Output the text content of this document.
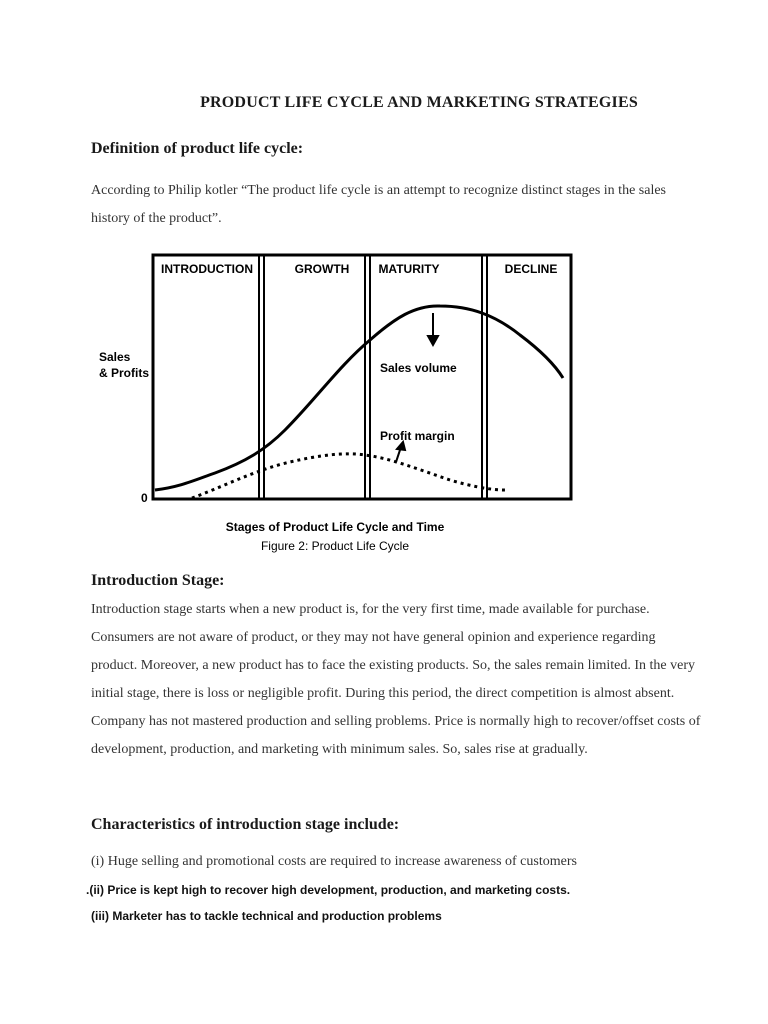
PRODUCT LIFE CYCLE AND MARKETING STRATEGIES
Definition of product life cycle:
According to Philip kotler “The product life cycle is an attempt to recognize distinct stages in the sales history of the product”.
INTRODUCTION	GROWTH MATURITY	DECLINE
Sales
& Profits
0
Sales volume
Profit margin
Stages of Product Life Cycle and Time
Figure 2: Product Life Cycle
Introduction Stage:
Introduction stage starts when a new product is, for the very first time, made available for purchase. Consumers are not aware of product, or they may not have general opinion and experience regarding product. Moreover, a new product has to face the existing products. So, the sales remain limited. In the very initial stage, there is loss or negligible profit. During this period, the direct competition is almost absent. Company has not mastered production and selling problems. Price is normally high to recover/offset costs of development, production, and marketing with minimum sales. So, sales rise at gradually.
Characteristics of introduction stage include:
(i) Huge selling and promotional costs are required to increase awareness of customers
.(ii) Price is kept high to recover high development, production, and marketing costs.
(iii) Marketer has to tackle technical and production problems
